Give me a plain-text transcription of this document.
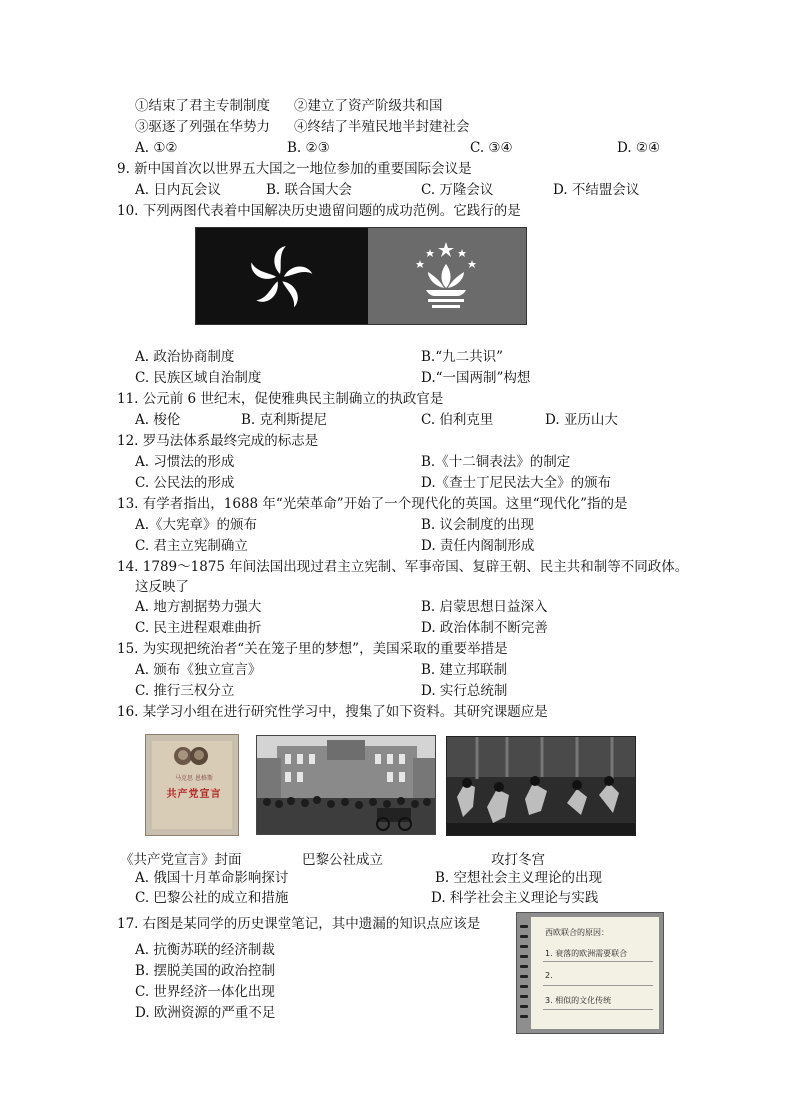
①结束了君主专制制度 ②建立了资产阶级共和国
③驱逐了列强在华势力 ④终结了半殖民地半封建社会
A. ①②	B. ②③	C. ③④	D. ②④
9. 新中国首次以世界五大国之一地位参加的重要国际会议是
A. 日内瓦会议	B. 联合国大会	C. 万隆会议	D. 不结盟会议
10. 下列两图代表着中国解决历史遗留问题的成功范例。它践行的是
A. 政治协商制度	B.“九二共识”
C. 民族区域自治制度	D.“一国两制”构想
11. 公元前 6 世纪末，促使雅典民主制确立的执政官是
A. 梭伦	B. 克利斯提尼	C. 伯利克里	D. 亚历山大
12. 罗马法体系最终完成的标志是
A. 习惯法的形成	B.《十二铜表法》的制定
C. 公民法的形成	D.《查士丁尼民法大全》的颁布
13. 有学者指出，1688 年“光荣革命”开始了一个现代化的英国。这里“现代化”指的是
A.《大宪章》的颁布	B. 议会制度的出现
C. 君主立宪制确立	D. 责任内阁制形成
14. 1789～1875 年间法国出现过君主立宪制、军事帝国、复辟王朝、民主共和制等不同政体。
这反映了
A. 地方割据势力强大	B. 启蒙思想日益深入
C. 民主进程艰难曲折	D. 政治体制不断完善
15. 为实现把统治者“关在笼子里的梦想”，美国采取的重要举措是
A. 颁布《独立宣言》	B. 建立邦联制
C. 推行三权分立	D. 实行总统制
16. 某学习小组在进行研究性学习中，搜集了如下资料。其研究课题应是
马克思 恩格斯
共产党宣言
《共产党宣言》封面	巴黎公社成立	攻打冬宫
A. 俄国十月革命影响探讨	B. 空想社会主义理论的出现
C. 巴黎公社的成立和措施	D. 科学社会主义理论与实践
17. 右图是某同学的历史课堂笔记，其中遗漏的知识点应该是
A. 抗衡苏联的经济制裁
B. 摆脱美国的政治控制
C. 世界经济一体化出现
D. 欧洲资源的严重不足
西欧联合的原因：
1. 衰落的欧洲需要联合
2.
3. 相似的文化传统
